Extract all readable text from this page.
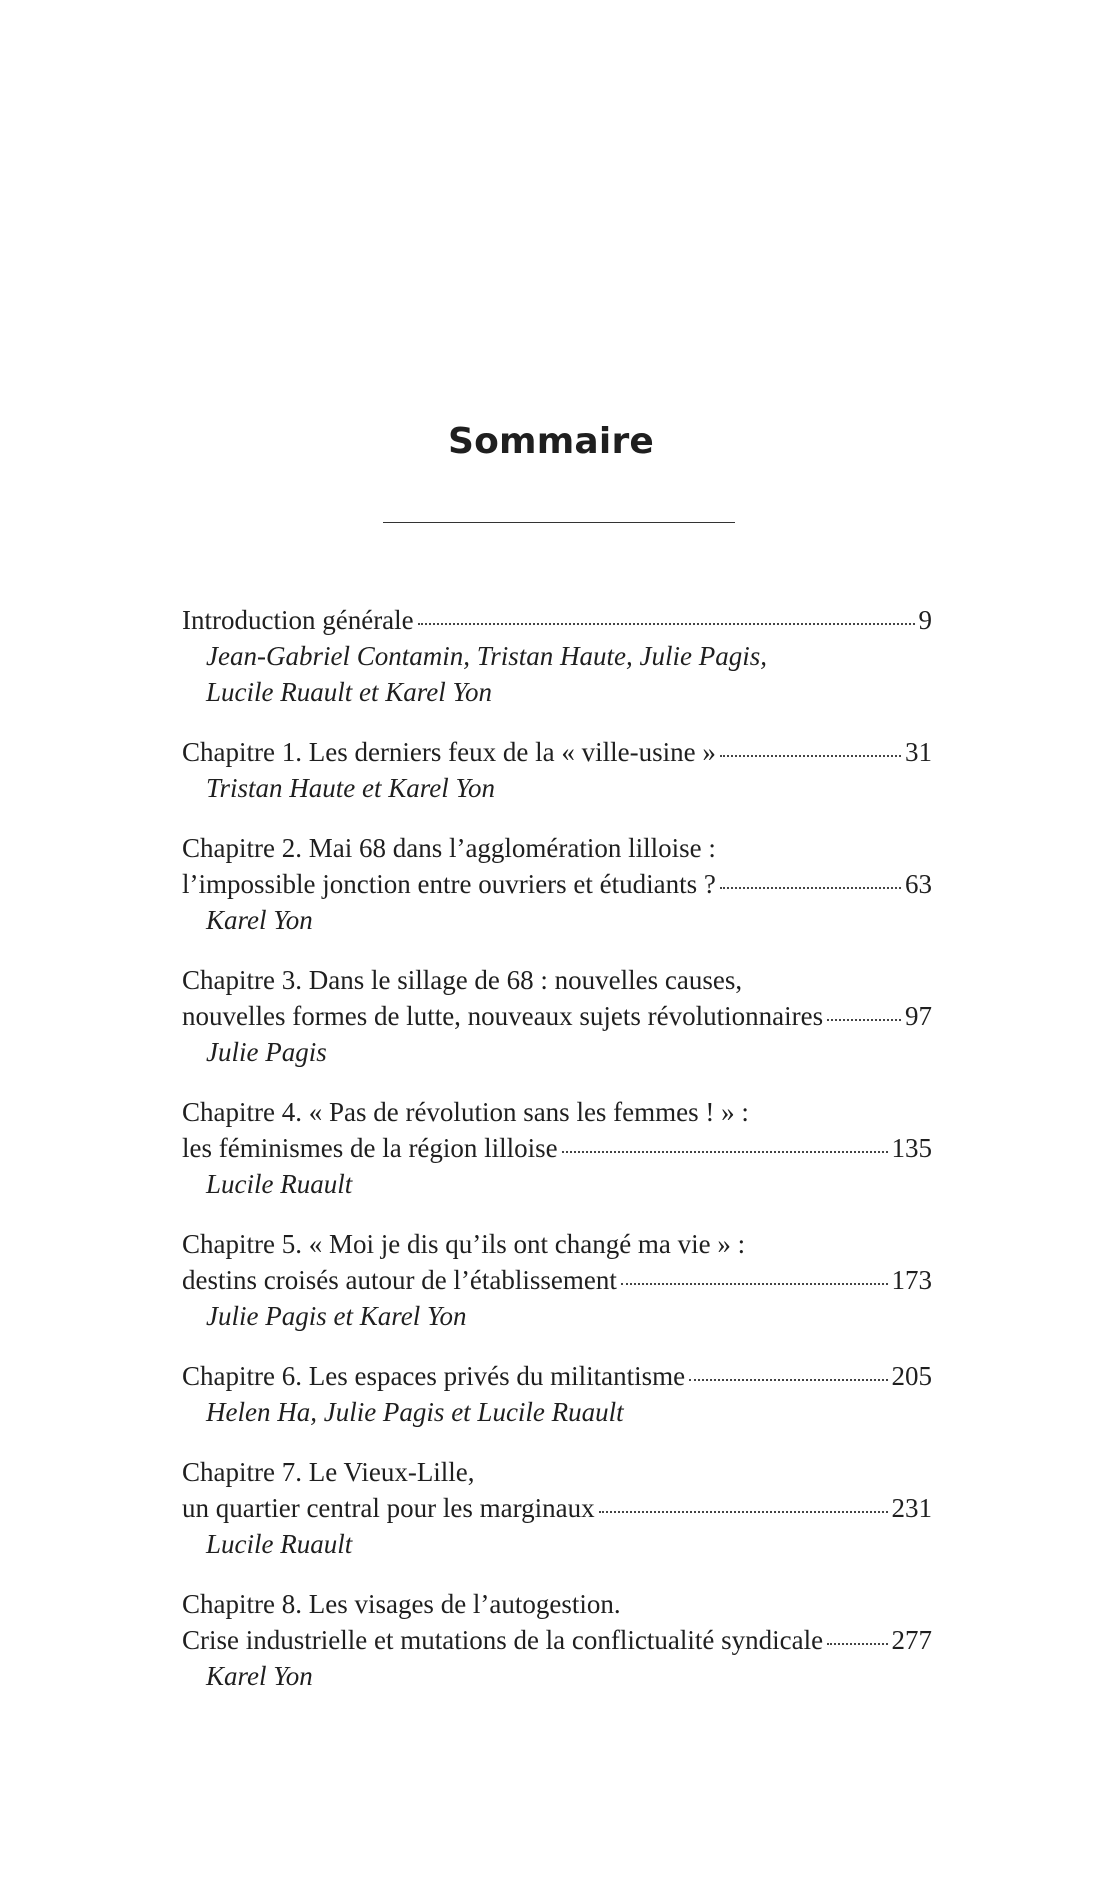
Sommaire
Introduction générale	9
Jean-Gabriel Contamin, Tristan Haute, Julie Pagis,
Lucile Ruault et Karel Yon
Chapitre 1. Les derniers feux de la « ville-usine »	31
Tristan Haute et Karel Yon
Chapitre 2. Mai 68 dans l’agglomération lilloise :
l’impossible jonction entre ouvriers et étudiants ?	63
Karel Yon
Chapitre 3. Dans le sillage de 68 : nouvelles causes,
nouvelles formes de lutte, nouveaux sujets révolutionnaires	97
Julie Pagis
Chapitre 4. « Pas de révolution sans les femmes ! » :
les féminismes de la région lilloise	135
Lucile Ruault
Chapitre 5. « Moi je dis qu’ils ont changé ma vie » :
destins croisés autour de l’établissement	173
Julie Pagis et Karel Yon
Chapitre 6. Les espaces privés du militantisme	205
Helen Ha, Julie Pagis et Lucile Ruault
Chapitre 7. Le Vieux-Lille,
un quartier central pour les marginaux	231
Lucile Ruault
Chapitre 8. Les visages de l’autogestion.
Crise industrielle et mutations de la conflictualité syndicale	277
Karel Yon
